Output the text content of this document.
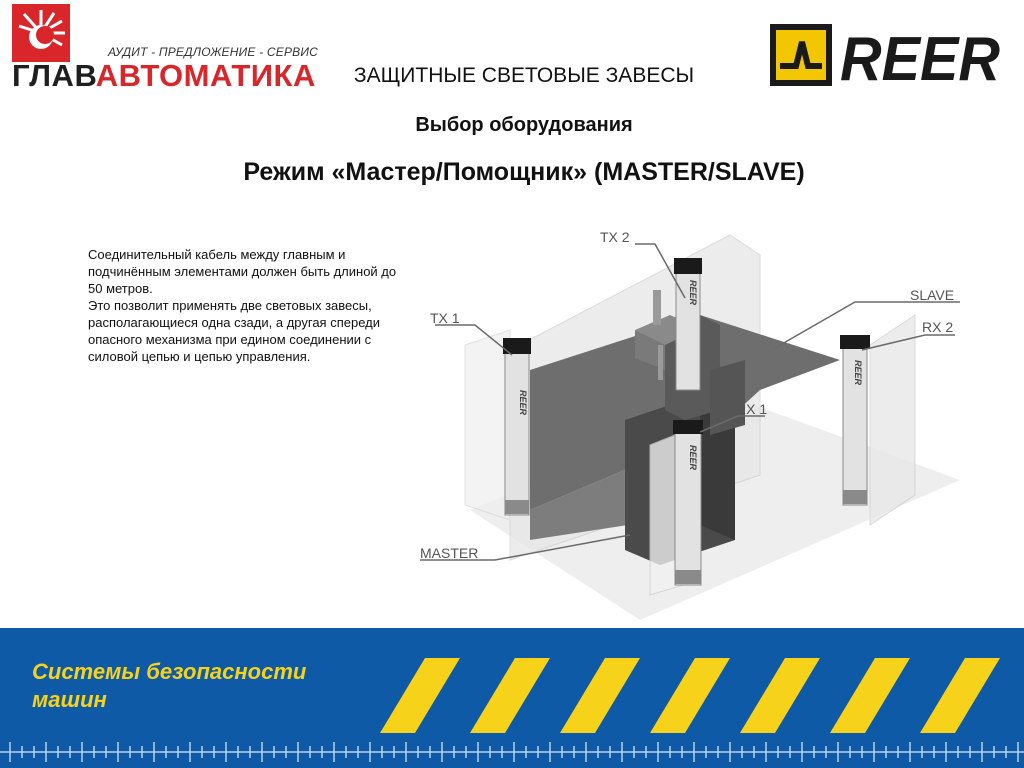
АУДИТ - ПРЕДЛОЖЕНИЕ - СЕРВИС
ГЛАВАВТОМАТИКА	REER
ЗАЩИТНЫЕ СВЕТОВЫЕ ЗАВЕСЫ
Выбор оборудования
Режим «Мастер/Помощник» (MASTER/SLAVE)

Соединительный кабель между главным и подчинённым элементами должен быть длиной до 50 метров.

Это позволит применять две световых завесы, располагающиеся одна сзади, а другая спереди опасного механизма при едином соединении с силовой цепью и цепью управления.

REER
REER
REER
REER
TX 2
TX 1
SLAVE
RX 2
RX 1
MASTER
Системы безопасности
машин
